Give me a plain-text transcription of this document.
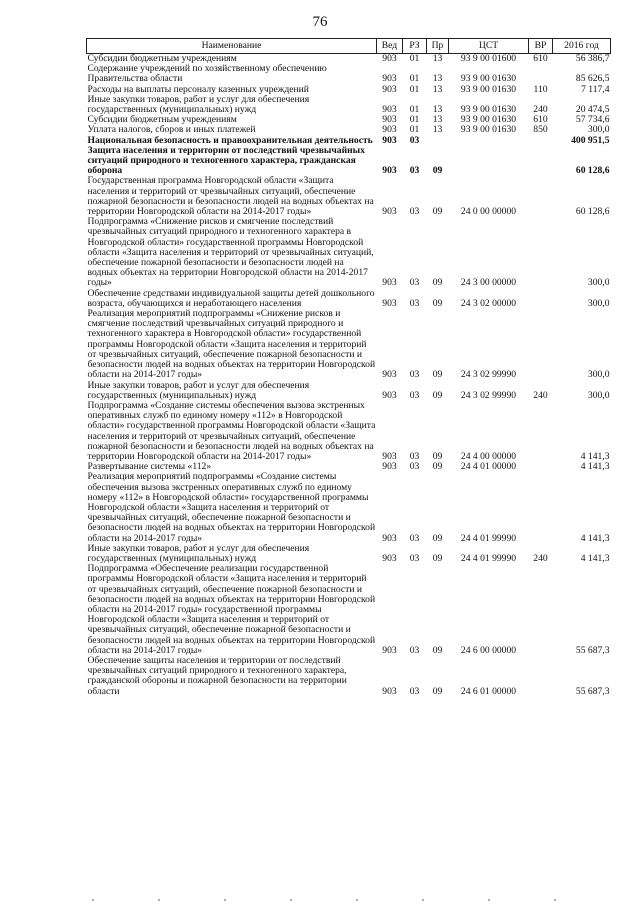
76
Наименование	Вед	РЗ	Пр	ЦСТ	ВР	2016 год
Субсидии бюджетным учреждениям	903	01	13	93 9 00 01600	610	56 386,7
Содержание учреждений по хозяйственному обеспечению Правительства области	903	01	13	93 9 00 01630		85 626,5
Расходы на выплаты персоналу казенных учреждений	903	01	13	93 9 00 01630	110	7 117,4
Иные закупки товаров, работ и услуг для обеспечения государственных (муниципальных) нужд	903	01	13	93 9 00 01630	240	20 474,5
Субсидии бюджетным учреждениям	903	01	13	93 9 00 01630	610	57 734,6
Уплата налогов, сборов и иных платежей	903	01	13	93 9 00 01630	850	300,0
Национальная безопасность и правоохранительная деятельность	903	03				400 951,5
Защита населения и территории от последствий чрезвычайных ситуаций природного и техногенного характера, гражданская оборона	903	03	09			60 128,6
Государственная программа Новгородской области «Защита населения и территорий от чрезвычайных ситуаций, обеспечение пожарной безопасности и безопасности людей на водных объектах на территории Новгородской области на 2014-2017 годы»	903	03	09	24 0 00 00000		60 128,6
Подпрограмма «Снижение рисков и смягчение последствий чрезвычайных ситуаций природного и техногенного характера в Новгородской области» государственной программы Новгородской области «Защита населения и территорий от чрезвычайных ситуаций, обеспечение пожарной безопасности и безопасности людей на водных объектах на территории Новгородской области на 2014-2017 годы»	903	03	09	24 3 00 00000		300,0
Обеспечение средствами индивидуальной защиты детей дошкольного возраста, обучающихся и неработающего населения	903	03	09	24 3 02 00000		300,0
Реализация мероприятий подпрограммы «Снижение рисков и смягчение последствий чрезвычайных ситуаций природного и техногенного характера в Новгородской области» государственной программы Новгородской области «Защита населения и территорий от чрезвычайных ситуаций, обеспечение пожарной безопасности и безопасности людей на водных объектах на территории Новгородской области на 2014-2017 годы»	903	03	09	24 3 02 99990		300,0
Иные закупки товаров, работ и услуг для обеспечения государственных (муниципальных) нужд	903	03	09	24 3 02 99990	240	300,0
Подпрограмма «Создание системы обеспечения вызова экстренных оперативных служб по единому номеру «112» в Новгородской области» государственной программы Новгородской области «Защита населения и территорий от чрезвычайных ситуаций, обеспечение пожарной безопасности и безопасности людей на водных объектах на территории Новгородской области на 2014-2017 годы»	903	03	09	24 4 00 00000		4 141,3
Развертывание системы «112»	903	03	09	24 4 01 00000		4 141,3
Реализация мероприятий подпрограммы «Создание системы обеспечения вызова экстренных оперативных служб по единому номеру «112» в Новгородской области» государственной программы Новгородской области «Защита населения и территорий от чрезвычайных ситуаций, обеспечение пожарной безопасности и безопасности людей на водных объектах на территории Новгородской области на 2014-2017 годы»	903	03	09	24 4 01 99990		4 141,3
Иные закупки товаров, работ и услуг для обеспечения государственных (муниципальных) нужд	903	03	09	24 4 01 99990	240	4 141,3
Подпрограмма «Обеспечение реализации государственной программы Новгородской области «Защита населения и территорий от чрезвычайных ситуаций, обеспечение пожарной безопасности и безопасности людей на водных объектах на территории Новгородской области на 2014-2017 годы» государственной программы Новгородской области «Защита населения и территорий от чрезвычайных ситуаций, обеспечение пожарной безопасности и безопасности людей на водных объектах на территории Новгородской области на 2014-2017 годы»	903	03	09	24 6 00 00000		55 687,3
Обеспечение защиты населения и территории от последствий чрезвычайных ситуаций природного и техногенного характера, гражданской обороны и пожарной безопасности на территории области	903	03	09	24 6 01 00000		55 687,3
